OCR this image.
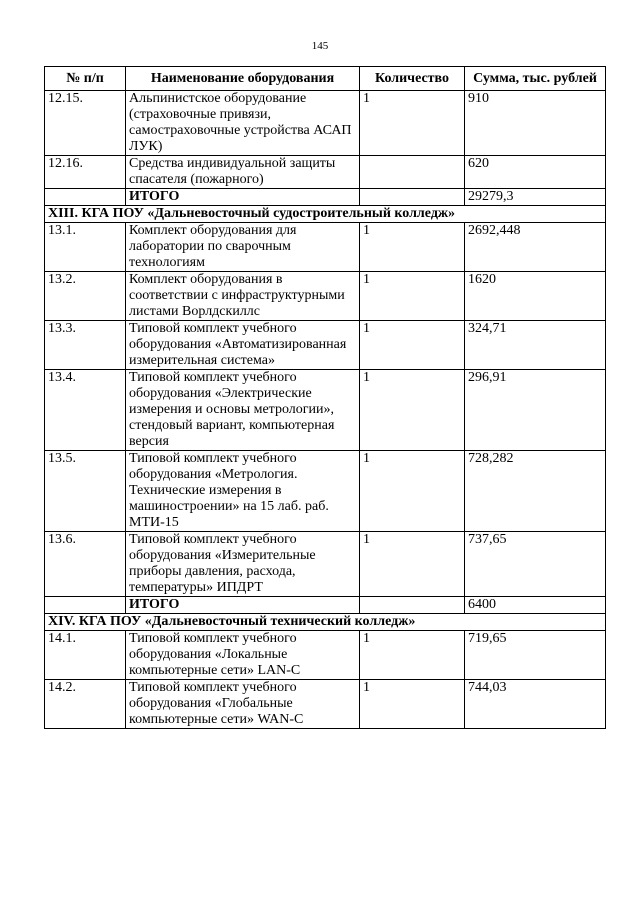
145
№ п/п	Наименование оборудования	Количество	Сумма, тыс. рублей
12.15.	Альпинистское оборудование (страховочные привязи, самостраховочные устройства АСАП ЛУК)	1	910
12.16.	Средства индивидуальной защиты спасателя (пожарного)		620
	ИТОГО		29279,3
XIII. КГА ПОУ «Дальневосточный судостроительный колледж»			
13.1.	Комплект оборудования для лаборатории по сварочным технологиям	1	2692,448
13.2.	Комплект оборудования в соответствии с инфраструктурными листами Ворлдскиллс	1	1620
13.3.	Типовой комплект учебного оборудования «Автоматизированная измерительная система»	1	324,71
13.4.	Типовой комплект учебного оборудования «Электрические измерения и основы метрологии», стендовый вариант, компьютерная версия	1	296,91
13.5.	Типовой комплект учебного оборудования «Метрология. Технические измерения в машиностроении» на 15 лаб. раб. МТИ-15	1	728,282
13.6.	Типовой комплект учебного оборудования «Измерительные приборы давления, расхода, температуры» ИПДРТ	1	737,65
	ИТОГО		6400
XIV. КГА ПОУ «Дальневосточный технический колледж»			
14.1.	Типовой комплект учебного оборудования «Локальные компьютерные сети» LAN-С	1	719,65
14.2.	Типовой комплект учебного оборудования «Глобальные компьютерные сети» WAN-С	1	744,03
